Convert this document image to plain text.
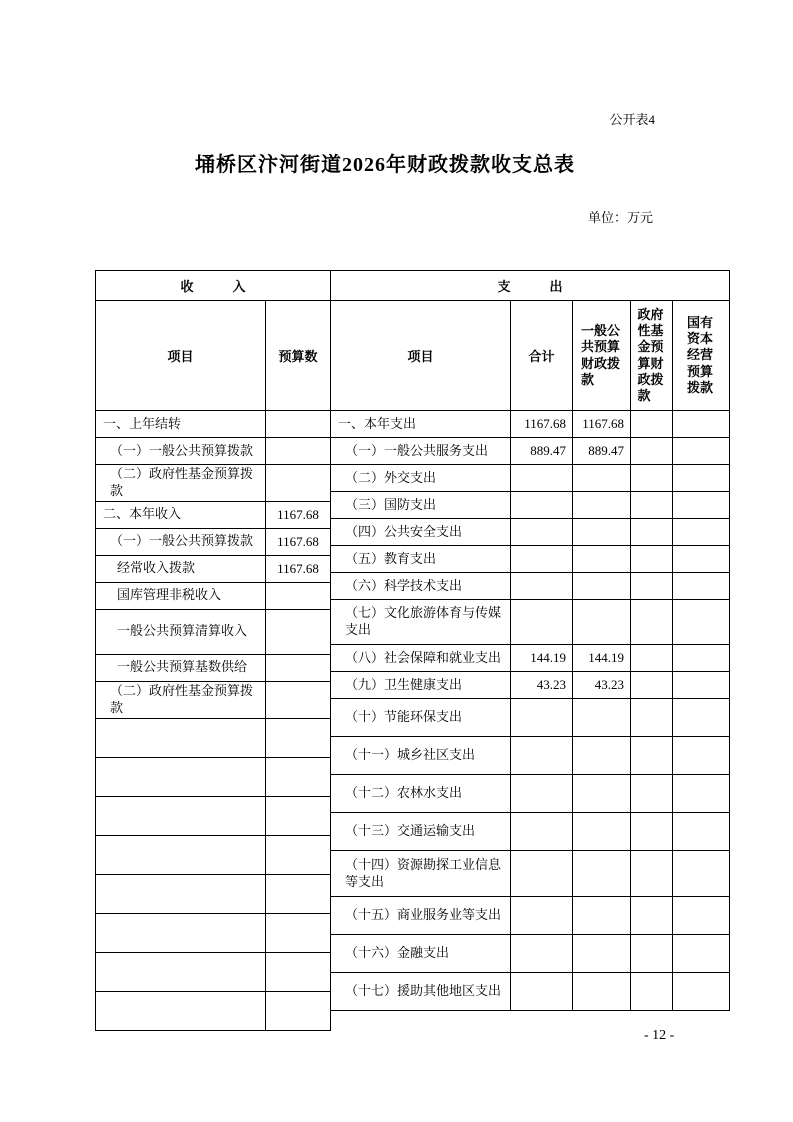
公开表4
埇桥区汴河街道2026年财政拨款收支总表
单位：万元
收　　　入	
项目	预算数
一、上年结转	
（一）一般公共预算拨款	
（二）政府性基金预算拨款	
二、本年收入	1167.68
（一）一般公共预算拨款	1167.68
经常收入拨款	1167.68
国库管理非税收入	
一般公共预算清算收入	
一般公共预算基数供给	
（二）政府性基金预算拨款	

支　　　出				
项目	合计	一般公共预算财政拨款	政府性基金预算财政拨款	国有资本经营预算拨款
一、本年支出	1167.68	1167.68		
（一）一般公共服务支出	889.47	889.47		
（二）外交支出				
（三）国防支出				
（四）公共安全支出				
（五）教育支出				
（六）科学技术支出				
（七）文化旅游体育与传媒支出				
（八）社会保障和就业支出	144.19	144.19		
（九）卫生健康支出	43.23	43.23		
（十）节能环保支出				
（十一）城乡社区支出				
（十二）农林水支出				
（十三）交通运输支出				
（十四）资源勘探工业信息等支出				
（十五）商业服务业等支出				
（十六）金融支出				
（十七）援助其他地区支出				
- 12 -
